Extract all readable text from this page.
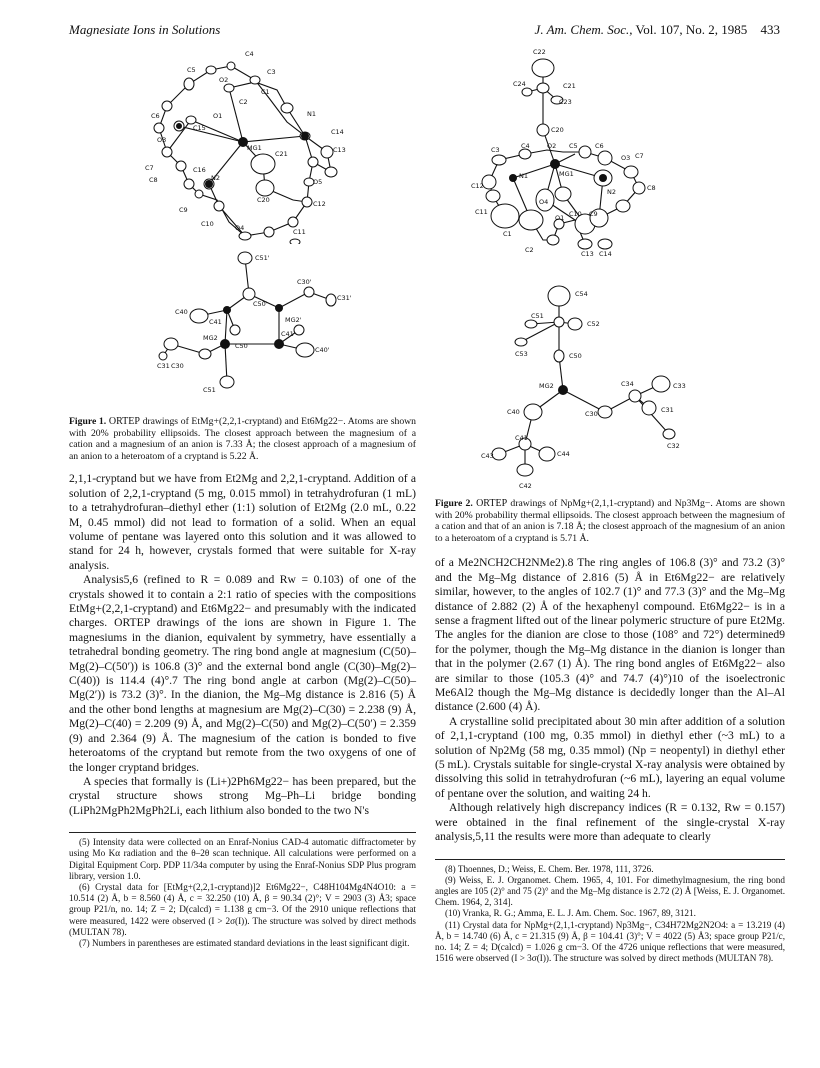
Magnesiate Ions in Solutions	J. Am. Chem. Soc., Vol. 107, No. 2, 1985 433
C4
C5	C3
O2
C1
C2
N1
O1
C6
O3
C15
MG1
C14
C13
C21
C7	C16
O5
C8	N2
C20	C12
C9
C10	O4	C11
C51'
C30'
C40
C50'
C31'
C41	MG2'
MG2	C41'
C40'
C31
C50
C30
C51
Figure 1. ORTEP drawings of EtMg+(2,2,1-cryptand) and Et6Mg22−. Atoms are shown with 20% probability ellipsoids. The closest approach between the magnesium of a cation and a magnesium of an anion is 7.33 Å; the closest approach of a magnesium of an anion to a heteroatom of a cryptand is 5.22 Å.

2,1,1-cryptand but we have from Et2Mg and 2,2,1-cryptand. Addition of a solution of 2,2,1-cryptand (5 mg, 0.015 mmol) in tetrahydrofuran (1 mL) to a tetrahydrofuran–diethyl ether (1:1) solution of Et2Mg (2.0 mL, 0.22 M, 0.45 mmol) did not lead to formation of a solid. When an equal volume of pentane was layered onto this solution and it was allowed to stand for 24 h, however, crystals formed that were suitable for X-ray analysis.

Analysis5,6 (refined to R = 0.089 and Rw = 0.103) of one of the crystals showed it to contain a 2:1 ratio of species with the compositions EtMg+(2,2,1-cryptand) and Et6Mg22− and presumably with the indicated charges. ORTEP drawings of the ions are shown in Figure 1. The magnesiums in the dianion, equivalent by symmetry, have essentially a tetrahedral bonding geometry. The ring bond angle at magnesium (C(50)–Mg(2)–C(50′)) is 106.8 (3)° and the external bond angle (C(30)–Mg(2)–C(40)) is 114.4 (4)°.7 The ring bond angle at carbon (Mg(2)–C(50)–Mg(2′)) is 73.2 (3)°. In the dianion, the Mg–Mg distance is 2.816 (5) Å and the other bond lengths at magnesium are Mg(2)–C(30) = 2.238 (9) Å, Mg(2)–C(40) = 2.209 (9) Å, and Mg(2)–C(50) and Mg(2)–C(50′) = 2.359 (9) and 2.364 (9) Å. The magnesium of the cation is bonded to five heteroatoms of the cryptand but remote from the two oxygens of one of the longer cryptand bridges.

A species that formally is (Li+)2Ph6Mg22− has been prepared, but the crystal structure shows strong Mg–Ph–Li bridge bonding (LiPh2MgPh2MgPh2Li, each lithium also bonded to the two N's

(5) Intensity data were collected on an Enraf-Nonius CAD-4 automatic diffractometer by using Mo Kα radiation and the θ–2θ scan technique. All calculations were performed on a Digital Equipment Corp. PDP 11/34a computer by using the Enraf-Nonius SDP Plus program library, version 1.0.

(6) Crystal data for [EtMg+(2,2,1-cryptand)]2 Et6Mg22−, C48H104Mg4N4O10: a = 10.514 (2) Å, b = 8.560 (4) Å, c = 32.250 (10) Å, β = 90.34 (2)°; V = 2903 (3) Å3; space group P21/n, no. 14; Z = 2; D(calcd) = 1.138 g cm−3. Of the 2910 unique reflections that were measured, 1422 were observed (I > 2σ(I)). The structure was solved by direct methods (MULTAN 78).

(7) Numbers in parentheses are estimated standard deviations in the least significant digit.

C22
C24	C21
C23
C20
C3	C4	O2 C5	C6
O3 C7
C12
N1	MG1
C8
C11
O4
N2
C10 C9
C1
O1
C2	C13 C14
C54
C51
C52
C53	C50
C34	C33
MG2
C31
C40	C30
C32
C41
C43	C44
C42
Figure 2. ORTEP drawings of NpMg+(2,1,1-cryptand) and Np3Mg−. Atoms are shown with 20% probability thermal ellipsoids. The closest approach between the magnesium of a cation and that of an anion is 7.18 Å; the closest approach of the magnesium of an anion to a heteroatom of a cryptand is 5.71 Å.

of a Me2NCH2CH2NMe2).8 The ring angles of 106.8 (3)° and 73.2 (3)° and the Mg–Mg distance of 2.816 (5) Å in Et6Mg22− are relatively similar, however, to the angles of 102.7 (1)° and 77.3 (3)° and the Mg–Mg distance of 2.882 (2) Å of the hexaphenyl compound. Et6Mg22− is in a sense a fragment lifted out of the linear polymeric structure of pure Et2Mg. The angles for the dianion are close to those (108° and 72°) determined9 for the polymer, though the Mg–Mg distance in the dianion is longer than that in the polymer (2.67 (1) Å). The ring bond angles of Et6Mg22− also are similar to those (105.3 (4)° and 74.7 (4)°)10 of the isoelectronic Me6Al2 though the Mg–Mg distance is decidedly longer than the Al–Al distance (2.600 (4) Å).

A crystalline solid precipitated about 30 min after addition of a solution of 2,1,1-cryptand (100 mg, 0.35 mmol) in diethyl ether (~3 mL) to a solution of Np2Mg (58 mg, 0.35 mmol) (Np = neopentyl) in diethyl ether (5 mL). Crystals suitable for single-crystal X-ray analysis were obtained by dissolving this solid in tetrahydrofuran (~6 mL), layering an equal volume of pentane over the solution, and waiting 24 h.

Although relatively high discrepancy indices (R = 0.132, Rw = 0.157) were obtained in the final refinement of the single-crystal X-ray analysis,5,11 the results were more than adequate to clearly

(8) Thoennes, D.; Weiss, E. Chem. Ber. 1978, 111, 3726.

(9) Weiss, E. J. Organomet. Chem. 1965, 4, 101. For dimethylmagnesium, the ring bond angles are 105 (2)° and 75 (2)° and the Mg–Mg distance is 2.72 (2) Å [Weiss, E. J. Organomet. Chem. 1964, 2, 314].

(10) Vranka, R. G.; Amma, E. L. J. Am. Chem. Soc. 1967, 89, 3121.

(11) Crystal data for NpMg+(2,1,1-cryptand) Np3Mg−, C34H72Mg2N2O4: a = 13.219 (4) Å, b = 14.740 (6) Å, c = 21.315 (9) Å, β = 104.41 (3)°; V = 4022 (5) Å3; space group P21/c, no. 14; Z = 4; D(calcd) = 1.026 g cm−3. Of the 4726 unique reflections that were measured, 1516 were observed (I > 3σ(I)). The structure was solved by direct methods (MULTAN 78).
